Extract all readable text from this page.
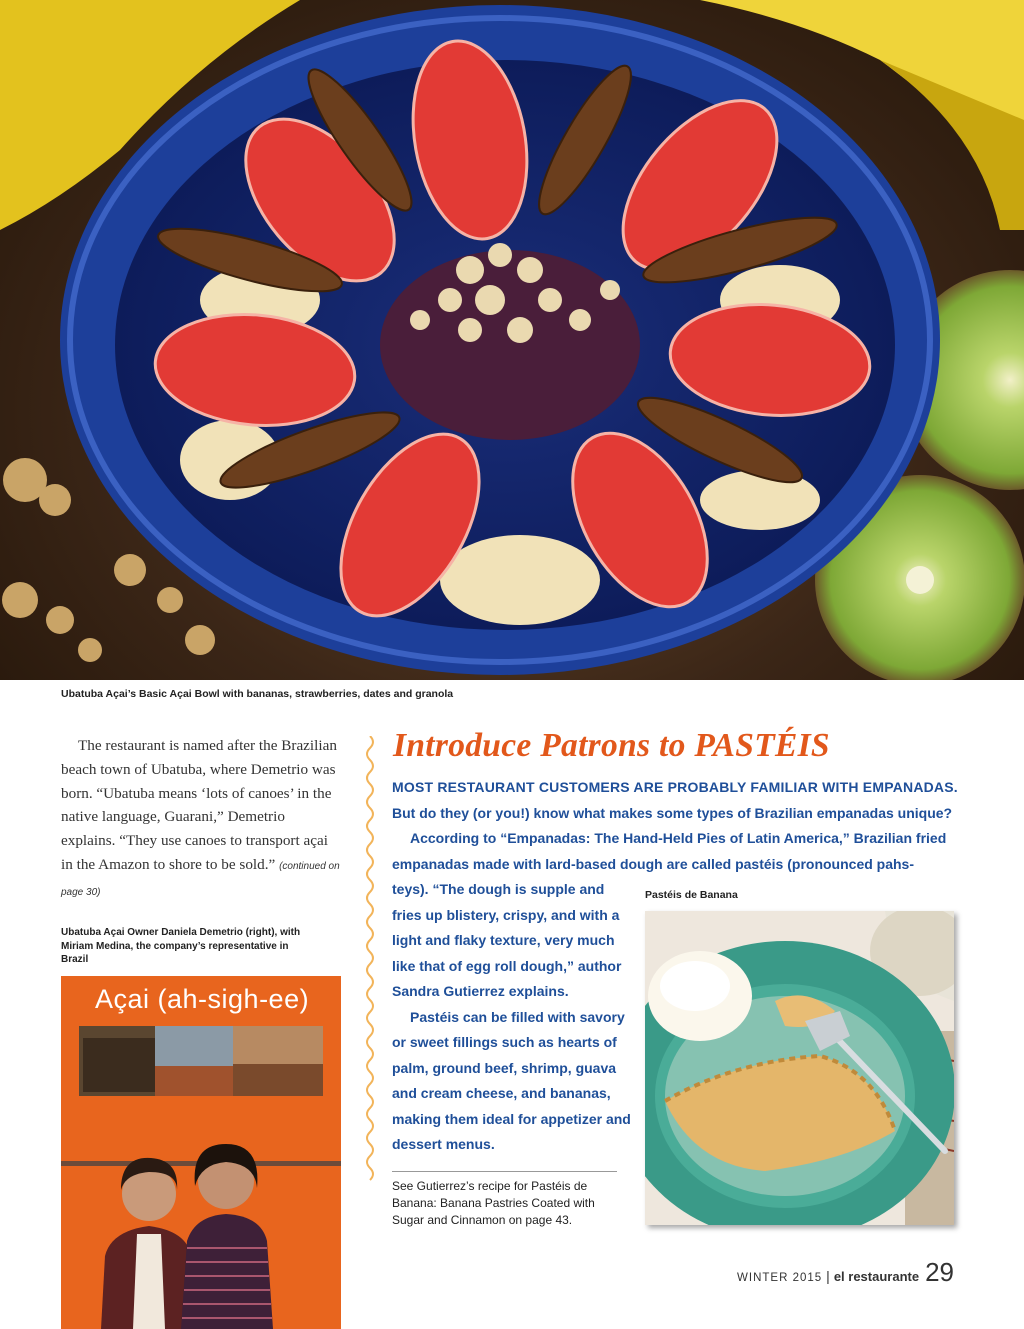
Ubatuba Açai’s Basic Açai Bowl with bananas, strawberries, dates and granola

The restaurant is named after the Brazilian beach town of Ubatuba, where Demetrio was born. “Ubatuba means ‘lots of canoes’ in the native language, Guarani,” Demetrio explains. “They use canoes to transport açai in the Amazon to shore to be sold.” (continued on page 30)

Ubatuba Açai Owner Daniela Demetrio (right), with Miriam Medina, the company’s representative in Brazil
Açai (ah-sigh-ee)
Introduce Patrons to PASTÉIS

MOST RESTAURANT CUSTOMERS ARE PROBABLY FAMILIAR WITH EMPANADAS.
But do they (or you!) know what makes some types of Brazilian empanadas unique?

According to “Empanadas: The Hand-Held Pies of Latin America,” Brazilian fried empanadas made with lard-based dough are called pastéis (pronounced pahs-

teys). “The dough is supple and fries up blistery, crispy, and with a light and flaky texture, very much like that of egg roll dough,” author Sandra Gutierrez explains.

Pastéis can be filled with savory or sweet fillings such as hearts of palm, ground beef, shrimp, guava and cream cheese, and bananas, making them ideal for appetizer and dessert menus.

See Gutierrez’s recipe for Pastéis de Banana: Banana Pastries Coated with Sugar and Cinnamon on page 43.
Pastéis de Banana
WINTER 2015 | el restaurante 29
